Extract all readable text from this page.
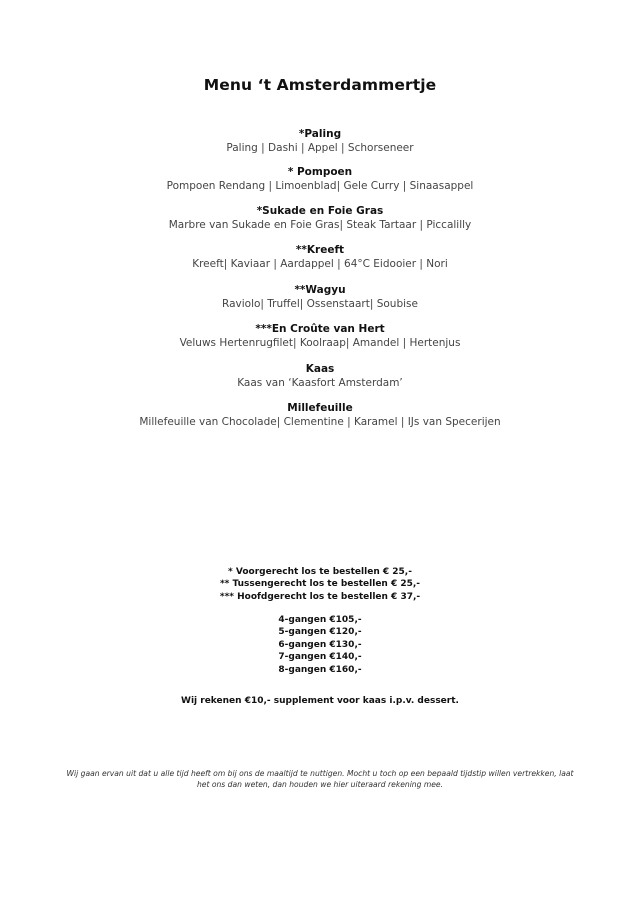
Menu ‘t Amsterdammertje
*Paling
Paling | Dashi | Appel | Schorseneer
* Pompoen
Pompoen Rendang | Limoenblad| Gele Curry | Sinaasappel
*Sukade en Foie Gras
Marbre van Sukade en Foie Gras| Steak Tartaar | Piccalilly
**Kreeft
Kreeft| Kaviaar | Aardappel | 64°C Eidooier | Nori
**Wagyu
Raviolo| Truffel| Ossenstaart| Soubise
***En Croûte van Hert
Veluws Hertenrugfilet| Koolraap| Amandel | Hertenjus
Kaas
Kaas van ‘Kaasfort Amsterdam’
Millefeuille
Millefeuille van Chocolade| Clementine | Karamel | IJs van Specerijen
* Voorgerecht los te bestellen € 25,-
** Tussengerecht los te bestellen € 25,-
*** Hoofdgerecht los te bestellen € 37,-
4-gangen €105,-
5-gangen €120,-
6-gangen €130,-
7-gangen €140,-
8-gangen €160,-
Wij rekenen €10,- supplement voor kaas i.p.v. dessert.
Wij gaan ervan uit dat u alle tijd heeft om bij ons de maaltijd te nuttigen. Mocht u toch op een bepaald tijdstip willen vertrekken, laat het ons dan weten, dan houden we hier uiteraard rekening mee.
